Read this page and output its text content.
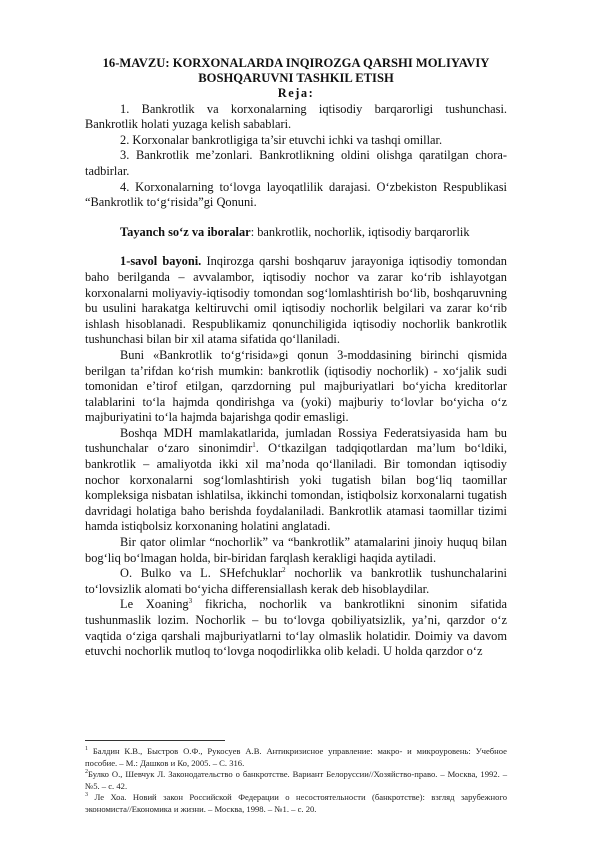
16-MAVZU: KORXONALARDA INQIROZGA QARSHI MOLIYAVIY BOSHQARUVNI TASHKIL ETISH

Reja:

1. Bankrotlik va korxonalarning iqtisodiy barqarorligi tushunchasi. Bankrotlik holati yuzaga kelish sabablari.

2. Korxonalar bankrotligiga ta’sir etuvchi ichki va tashqi omillar.

3. Bankrotlik me’zonlari. Bankrotlikning oldini olishga qaratilgan chora-tadbirlar.

4. Korxonalarning to‘lovga layoqatlilik darajasi. O‘zbekiston Respublikasi “Bankrotlik to‘g‘risida”gi Qonuni.

Tayanch so‘z va iboralar: bankrotlik, nochorlik, iqtisodiy barqarorlik

1-savol bayoni. Inqirozga qarshi boshqaruv jarayoniga iqtisodiy tomondan baho berilganda – avvalambor, iqtisodiy nochor va zarar ko‘rib ishlayotgan korxonalarni moliyaviy-iqtisodiy tomondan sog‘lomlashtirish bo‘lib, boshqaruvning bu usulini harakatga keltiruvchi omil iqtisodiy nochorlik belgilari va zarar ko‘rib ishlash hisoblanadi. Respublikamiz qonunchiligida iqtisodiy nochorlik bankrotlik tushunchasi bilan bir xil atama sifatida qo‘llaniladi.

Buni «Bankrotlik to‘g‘risida»gi qonun 3-moddasining birinchi qismida berilgan ta’rifdan ko‘rish mumkin: bankrotlik (iqtisodiy nochorlik) - xo‘jalik sudi tomonidan e’tirof etilgan, qarzdorning pul majburiyatlari bo‘yicha kreditorlar talablarini to‘la hajmda qondirishga va (yoki) majburiy to‘lovlar bo‘yicha o‘z majburiyatini to‘la hajmda bajarishga qodir emasligi.

Boshqa MDH mamlakatlarida, jumladan Rossiya Federatsiyasida ham bu tushunchalar o‘zaro sinonimdir$^1$. O‘tkazilgan tadqiqotlardan ma’lum bo‘ldiki, bankrotlik – amaliyotda ikki xil ma’noda qo‘llaniladi. Bir tomondan iqtisodiy nochor korxonalarni sog‘lomlashtirish yoki tugatish bilan bog‘liq taomillar kompleksiga nisbatan ishlatilsa, ikkinchi tomondan, istiqbolsiz korxonalarni tugatish davridagi holatiga baho berishda foydalaniladi. Bankrotlik atamasi taomillar tizimi hamda istiqbolsiz korxonaning holatini anglatadi.

Bir qator olimlar “nochorlik” va “bankrotlik” atamalarini jinoiy huquq bilan bog‘liq bo‘lmagan holda, bir-biridan farqlash kerakligi haqida aytiladi.

O. Bulko va L. SHefchuklar$^2$ nochorlik va bankrotlik tushunchalarini to‘lovsizlik alomati bo‘yicha differensiallash kerak deb hisoblaydilar.

Le Xoaning$^3$ fikricha, nochorlik va bankrotlikni sinonim sifatida tushunmaslik lozim. Nochorlik – bu to‘lovga qobiliyatsizlik, ya’ni, qarzdor o‘z vaqtida o‘ziga qarshali majburiyatlarni to‘lay olmaslik holatidir. Doimiy va davom etuvchi nochorlik mutloq to‘lovga noqodirlikka olib keladi. U holda qarzdor o‘z

$^1$ Балдин К.В., Быстров О.Ф., Рукосуев А.В. Антикризисное управление: макро- и микроуровень: Учебное пособие. – М.: Дашков и Ко, 2005. – С. 316.

$^2$Булко О., Шевчук Л. Законодательство о банкротстве. Вариант Белоруссии//Хозяйство-право. – Москва, 1992. – №5. – с. 42.

$^3$ Ле Хоа. Новий закон Российской Федерации о несостоятельности (банкротстве): взгляд зарубежного экономиста//Економика и жизни. – Москва, 1998. – №1. – с. 20.
